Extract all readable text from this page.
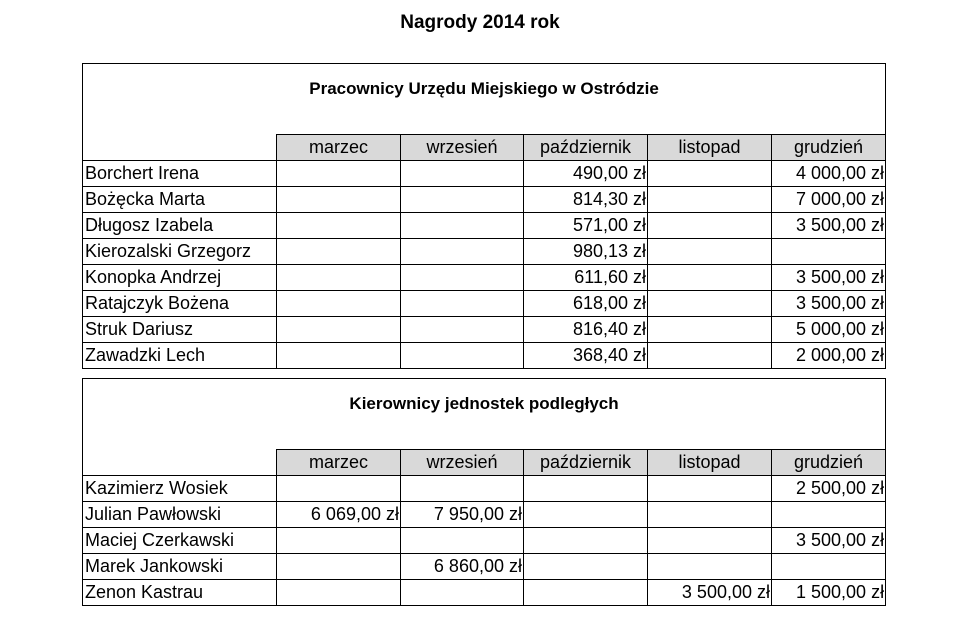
Nagrody 2014 rok
Pracownicy Urzędu Miejskiego w Ostródzie					
	marzec	wrzesień	październik	listopad	grudzień
Borchert Irena			490,00 zł		4 000,00 zł
Bożęcka Marta			814,30 zł		7 000,00 zł
Długosz Izabela			571,00 zł		3 500,00 zł
Kierozalski Grzegorz			980,13 zł		
Konopka Andrzej			611,60 zł		3 500,00 zł
Ratajczyk Bożena			618,00 zł		3 500,00 zł
Struk Dariusz			816,40 zł		5 000,00 zł
Zawadzki Lech			368,40 zł		2 000,00 zł
Kierownicy jednostek podległych					
	marzec	wrzesień	październik	listopad	grudzień
Kazimierz Wosiek					2 500,00 zł
Julian Pawłowski	6 069,00 zł	7 950,00 zł			
Maciej Czerkawski					3 500,00 zł
Marek Jankowski		6 860,00 zł			
Zenon Kastrau				3 500,00 zł	1 500,00 zł
